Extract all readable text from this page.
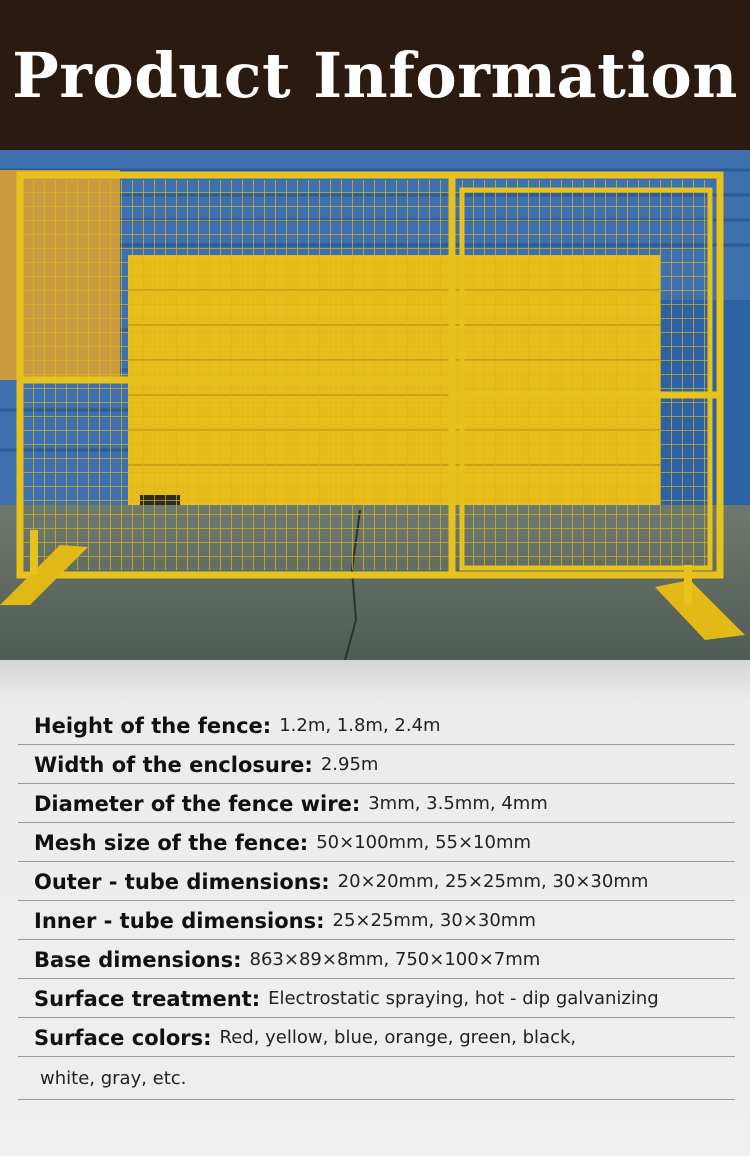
Product Information
Height of the fence: 1.2m, 1.8m, 2.4m
Width of the enclosure: 2.95m
Diameter of the fence wire: 3mm, 3.5mm, 4mm
Mesh size of the fence: 50×100mm, 55×10mm
Outer - tube dimensions: 20×20mm, 25×25mm, 30×30mm
Inner - tube dimensions: 25×25mm, 30×30mm
Base dimensions: 863×89×8mm, 750×100×7mm
Surface treatment: Electrostatic spraying, hot - dip galvanizing
Surface colors: Red, yellow, blue, orange, green, black,
white, gray, etc.
